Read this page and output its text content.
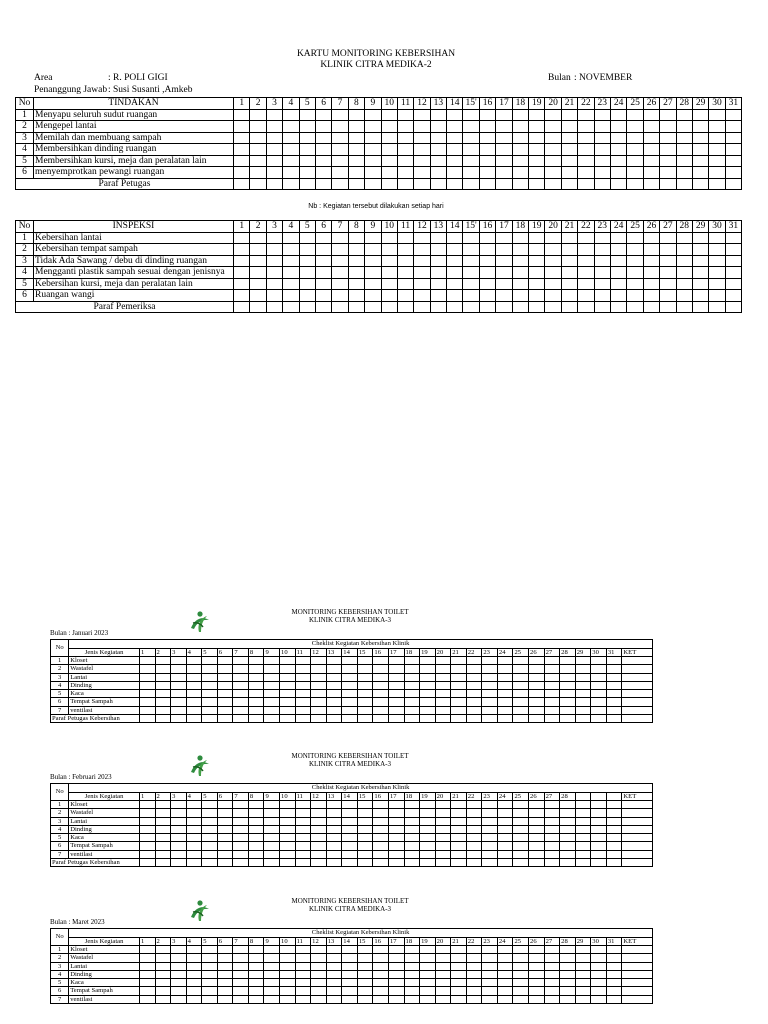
KARTU MONITORING KEBERSIHAN
KLINIK CITRA MEDIKA-2
Area	: R. POLI GIGI	Bulan : NOVEMBER
Penanggung Jawab : Susi Susanti ,Amkeb
No	TINDAKAN	1	2	3	4	5	6	7	8	9	10	11	12	13	14	15'	16	17	18	19	20	21	22	23	24	25	26	27	28	29	30	31
1	Menyapu seluruh sudut ruangan																															
2	Mengepel lantai																															
3	Memilah dan membuang sampah																															
4	Membersihkan dinding ruangan																															
5	Membersihkan kursi, meja dan peralatan lain																															
6	menyemprotkan pewangi ruangan																															
Paraf Petugas																																
Nb : Kegiatan tersebut dilakukan setiap hari
No	INSPEKSI	1	2	3	4	5	6	7	8	9	10	11	12	13	14	15'	16	17	18	19	20	21	22	23	24	25	26	27	28	29	30	31
1	Kebersihan lantai																															
2	Kebersihan tempat sampah																															
3	Tidak Ada Sawang / debu di dinding ruangan																															
4	Mengganti plastik sampah sesuai dengan jenisnya																															
5	Kebersihan kursi, meja dan peralatan lain																															
6	Ruangan wangi																															
Paraf Pemeriksa																																
MONITORING KEBERSIHAN TOILET
KLINIK CITRA MEDIKA-3
Bulan : Januari 2023
No	Cheklist Kegiatan Kebersihan Klinik																																
	Jenis Kegiatan	1	2	3	4	5	6	7	8	9	10	11	12	13	14	15	16	17	18	19	20	21	22	23	24	25	26	27	28	29	30	31	KET
1	Kloset																																
2	Wastafel																																
3	Lantai																																
4	Dinding																																
5	Kaca																																
6	Tempat Sampah																																
7	ventilasi																																
Paraf Petugas Kebersihan																																	
MONITORING KEBERSIHAN TOILET
KLINIK CITRA MEDIKA-3
Bulan : Februari 2023
No	Cheklist Kegiatan Kebersihan Klinik																																
	Jenis Kegiatan	1	2	3	4	5	6	7	8	9	10	11	12	13	14	15	16	17	18	19	20	21	22	23	24	25	26	27	28				KET
1	Kloset																																
2	Wastafel																																
3	Lantai																																
4	Dinding																																
5	Kaca																																
6	Tempat Sampah																																
7	ventilasi																																
Paraf Petugas Kebersihan																																	
MONITORING KEBERSIHAN TOILET
KLINIK CITRA MEDIKA-3
Bulan : Maret 2023
No	Cheklist Kegiatan Kebersihan Klinik																																
	Jenis Kegiatan	1	2	3	4	5	6	7	8	9	10	11	12	13	14	15	16	17	18	19	20	21	22	23	24	25	26	27	28	29	30	31	KET
1	Kloset																																
2	Wastafel																																
3	Lantai																																
4	Dinding																																
5	Kaca																																
6	Tempat Sampah																																
7	ventilasi																																
